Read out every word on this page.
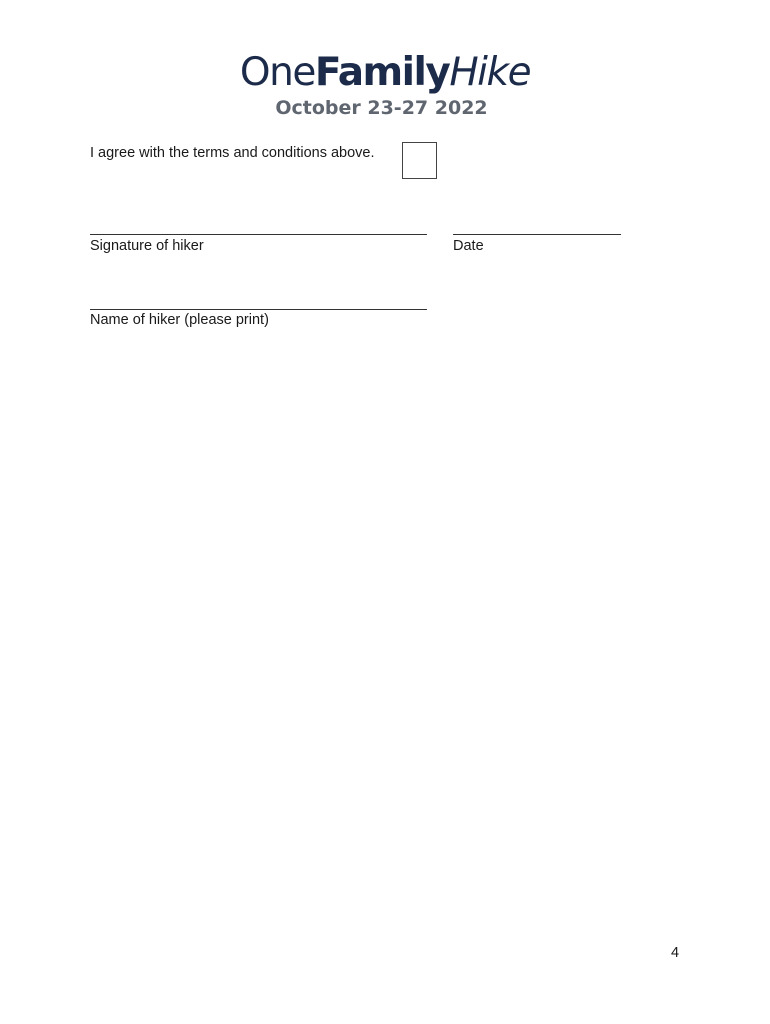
OneFamilyHike
October 23-27 2022
I agree with the terms and conditions above.
Signature of hiker	Date
Name of hiker (please print)
4
